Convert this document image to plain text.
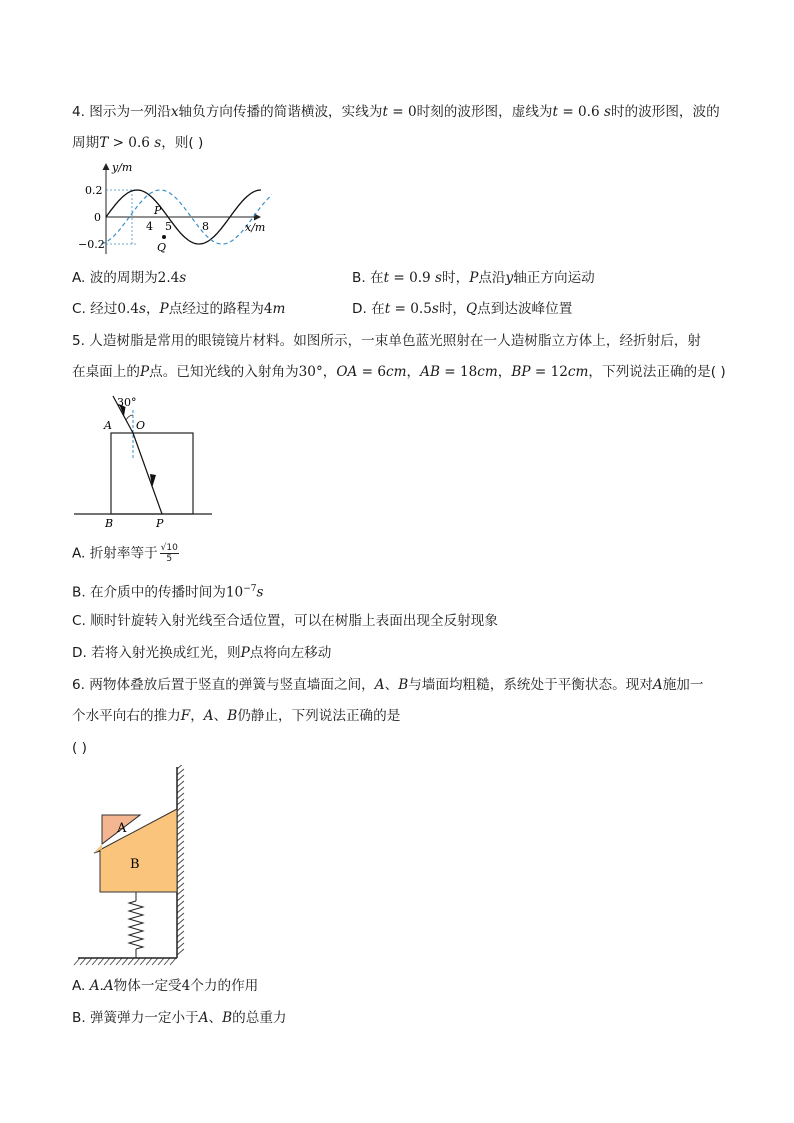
4. 图示为一列沿x轴负方向传播的简谐横波，实线为t = 0时刻的波形图，虚线为t = 0.6 s时的波形图，波的
周期T > 0.6 s，则( )
y/m
x/m
0.2
0
−0.2
4 5	8
P
Q
A. 波的周期为2.4s	B. 在t = 0.9 s时，P点沿y轴正方向运动
C. 经过0.4s，P点经过的路程为4m	D. 在t = 0.5s时，Q点到达波峰位置
5. 人造树脂是常用的眼镜镜片材料。如图所示，一束单色蓝光照射在一人造树脂立方体上，经折射后，射
在桌面上的P点。已知光线的入射角为30°，OA = 6cm，AB = 18cm，BP = 12cm，下列说法正确的是( )
30°
A O
B	P
A. 折射率等于 $\frac{√10}{5}$
B. 在介质中的传播时间为$10^{-7}s$
C. 顺时针旋转入射光线至合适位置，可以在树脂上表面出现全反射现象
D. 若将入射光换成红光，则P点将向左移动
6. 两物体叠放后置于竖直的弹簧与竖直墙面之间，A、B与墙面均粗糙，系统处于平衡状态。现对A施加一
个水平向右的推力F，A、B仍静止，下列说法正确的是
( )
A
B
A. A.A物体一定受4个力的作用
B. 弹簧弹力一定小于A、B的总重力
